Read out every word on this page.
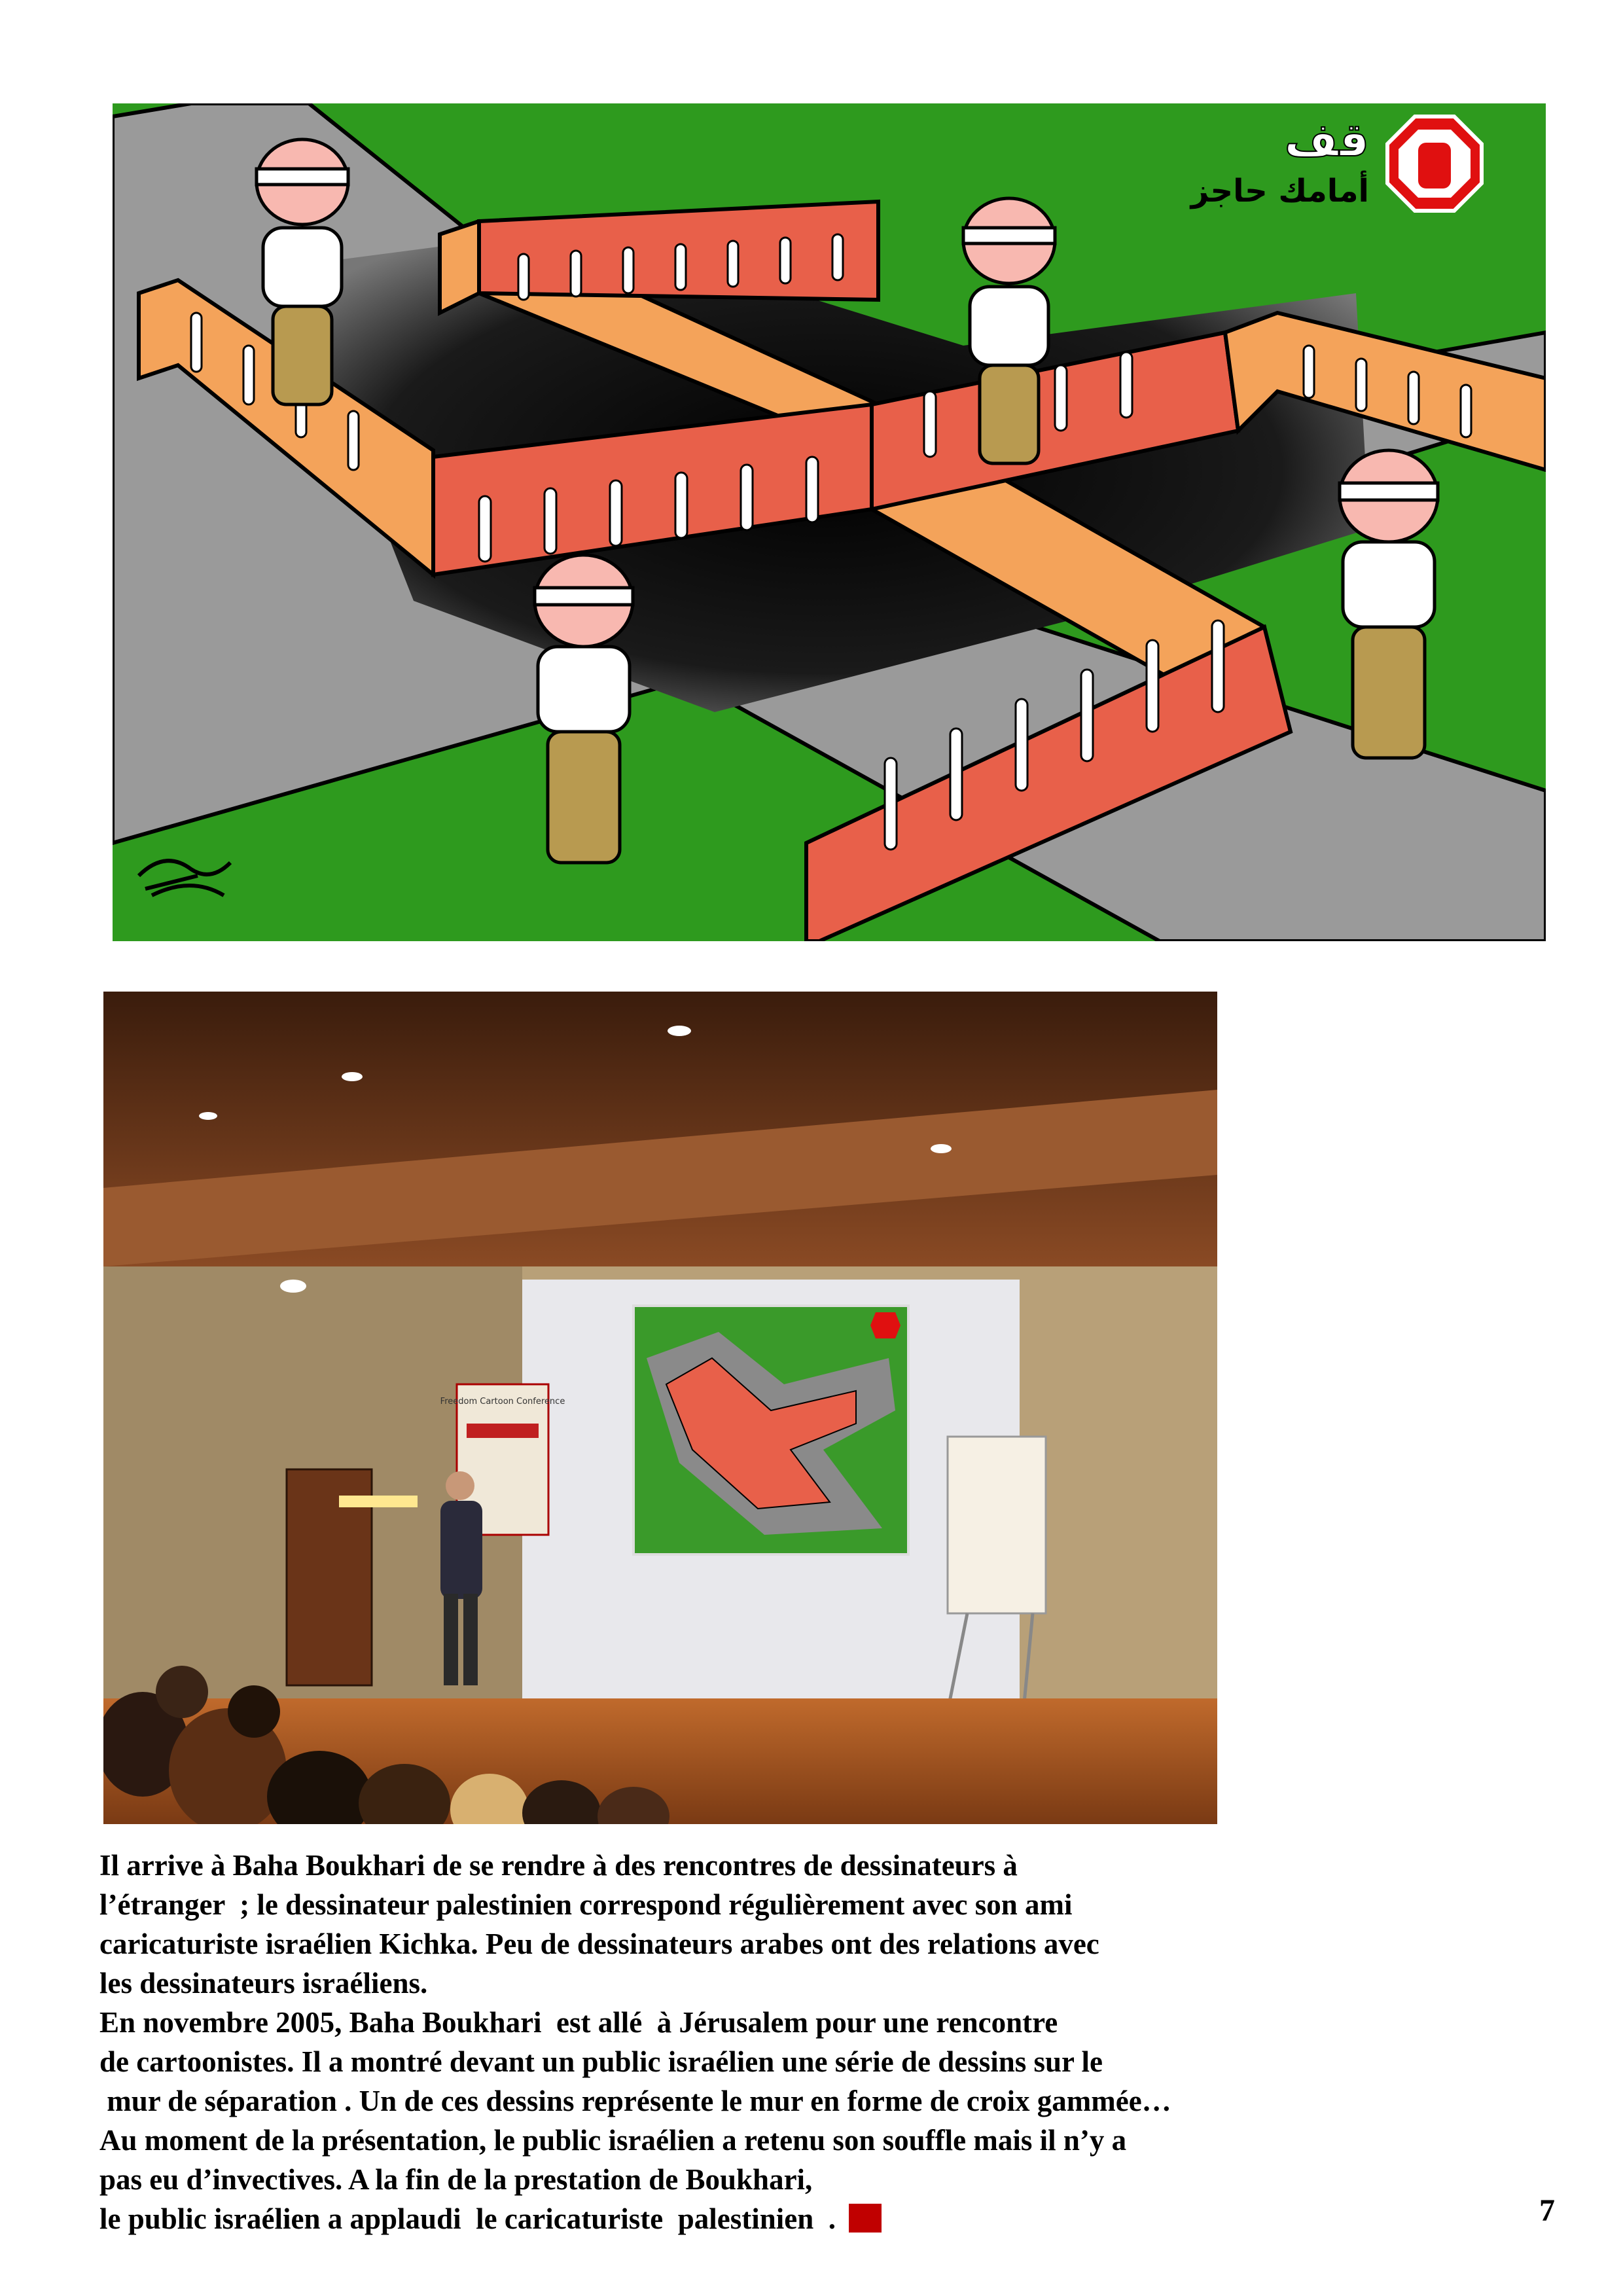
قف
أمامك حاجز
Freedom Cartoon Conference

Il arrive à Baha Boukhari de se rendre à des rencontres de dessinateurs à

l’étranger  ; le dessinateur palestinien correspond régulièrement avec son ami

caricaturiste israélien Kichka. Peu de dessinateurs arabes ont des relations avec

les dessinateurs israéliens.

En novembre 2005, Baha Boukhari  est allé  à Jérusalem pour une rencontre

de cartoonistes. Il a montré devant un public israélien une série de dessins sur le

mur de séparation . Un de ces dessins représente le mur en forme de croix gammée…

Au moment de la présentation, le public israélien a retenu son souffle mais il n’y a

pas eu d’invectives. A la fin de la prestation de Boukhari,

le public israélien a applaudi  le caricaturiste  palestinien  .	7
